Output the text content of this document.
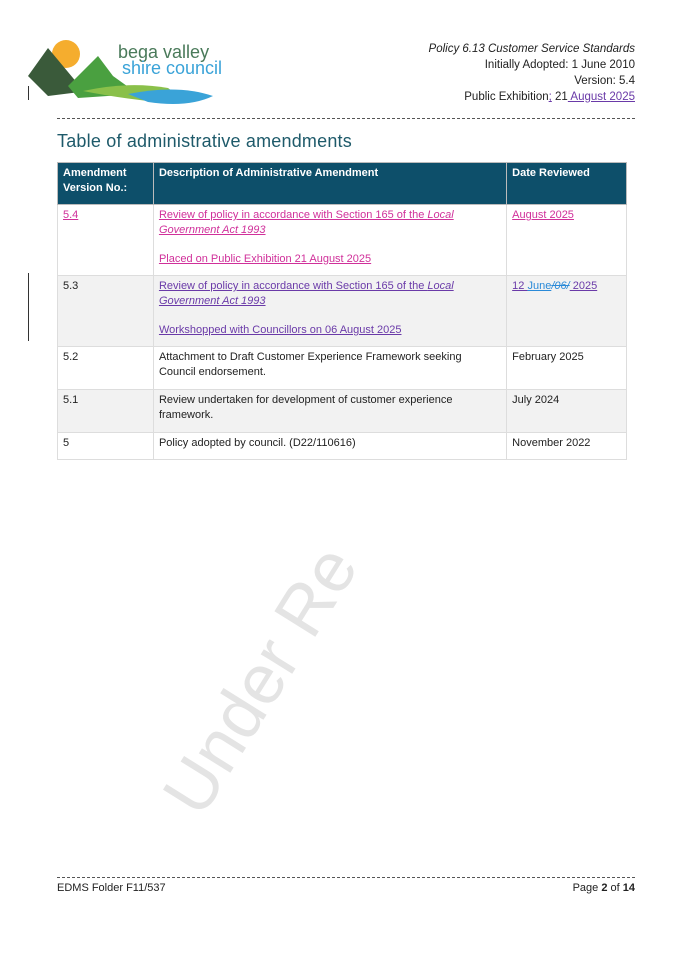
Under Re
bega valley
shire council
Policy 6.13 Customer Service Standards
Initially Adopted: 1 June 2010
Version: 5.4
Public Exhibition; 21 August 2025
Table of administrative amendments
Amendment Version No.:	Description of Administrative Amendment	Date Reviewed
5.4	Review of policy in accordance with Section 165 of the Local Government Act 1993

Placed on Public Exhibition 21 August 2025	August 2025
5.3	Review of policy in accordance with Section 165 of the Local Government Act 1993

Workshopped with Councillors on 06 August 2025	12 June/06/ 2025
5.2	Attachment to Draft Customer Experience Framework seeking Council endorsement.	February 2025
5.1	Review undertaken for development of customer experience framework.	July 2024
5	Policy adopted by council. (D22/110616)	November 2022
EDMS Folder F11/537	Page 2 of 14
